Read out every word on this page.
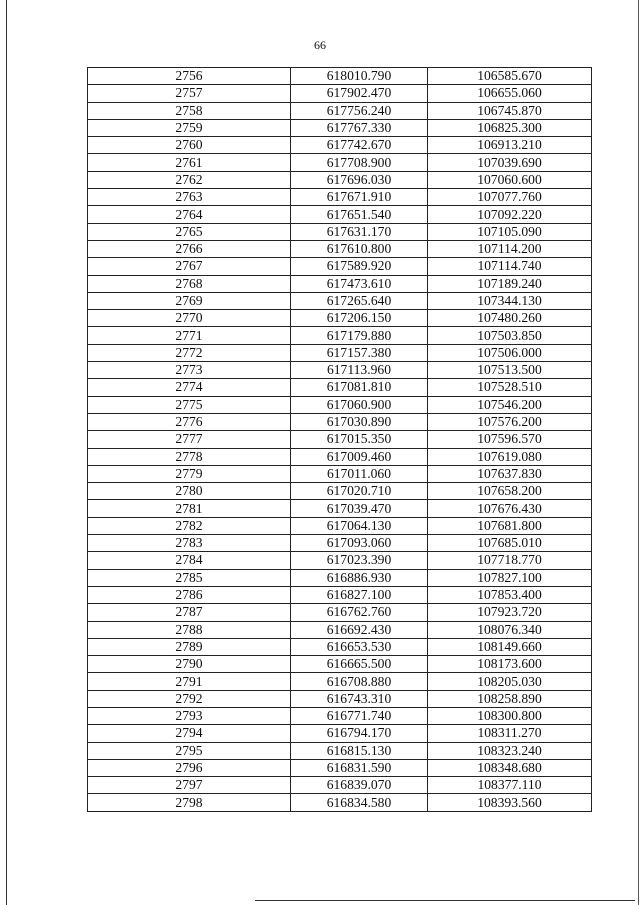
66
2756	618010.790	106585.670
2757	617902.470	106655.060
2758	617756.240	106745.870
2759	617767.330	106825.300
2760	617742.670	106913.210
2761	617708.900	107039.690
2762	617696.030	107060.600
2763	617671.910	107077.760
2764	617651.540	107092.220
2765	617631.170	107105.090
2766	617610.800	107114.200
2767	617589.920	107114.740
2768	617473.610	107189.240
2769	617265.640	107344.130
2770	617206.150	107480.260
2771	617179.880	107503.850
2772	617157.380	107506.000
2773	617113.960	107513.500
2774	617081.810	107528.510
2775	617060.900	107546.200
2776	617030.890	107576.200
2777	617015.350	107596.570
2778	617009.460	107619.080
2779	617011.060	107637.830
2780	617020.710	107658.200
2781	617039.470	107676.430
2782	617064.130	107681.800
2783	617093.060	107685.010
2784	617023.390	107718.770
2785	616886.930	107827.100
2786	616827.100	107853.400
2787	616762.760	107923.720
2788	616692.430	108076.340
2789	616653.530	108149.660
2790	616665.500	108173.600
2791	616708.880	108205.030
2792	616743.310	108258.890
2793	616771.740	108300.800
2794	616794.170	108311.270
2795	616815.130	108323.240
2796	616831.590	108348.680
2797	616839.070	108377.110
2798	616834.580	108393.560
